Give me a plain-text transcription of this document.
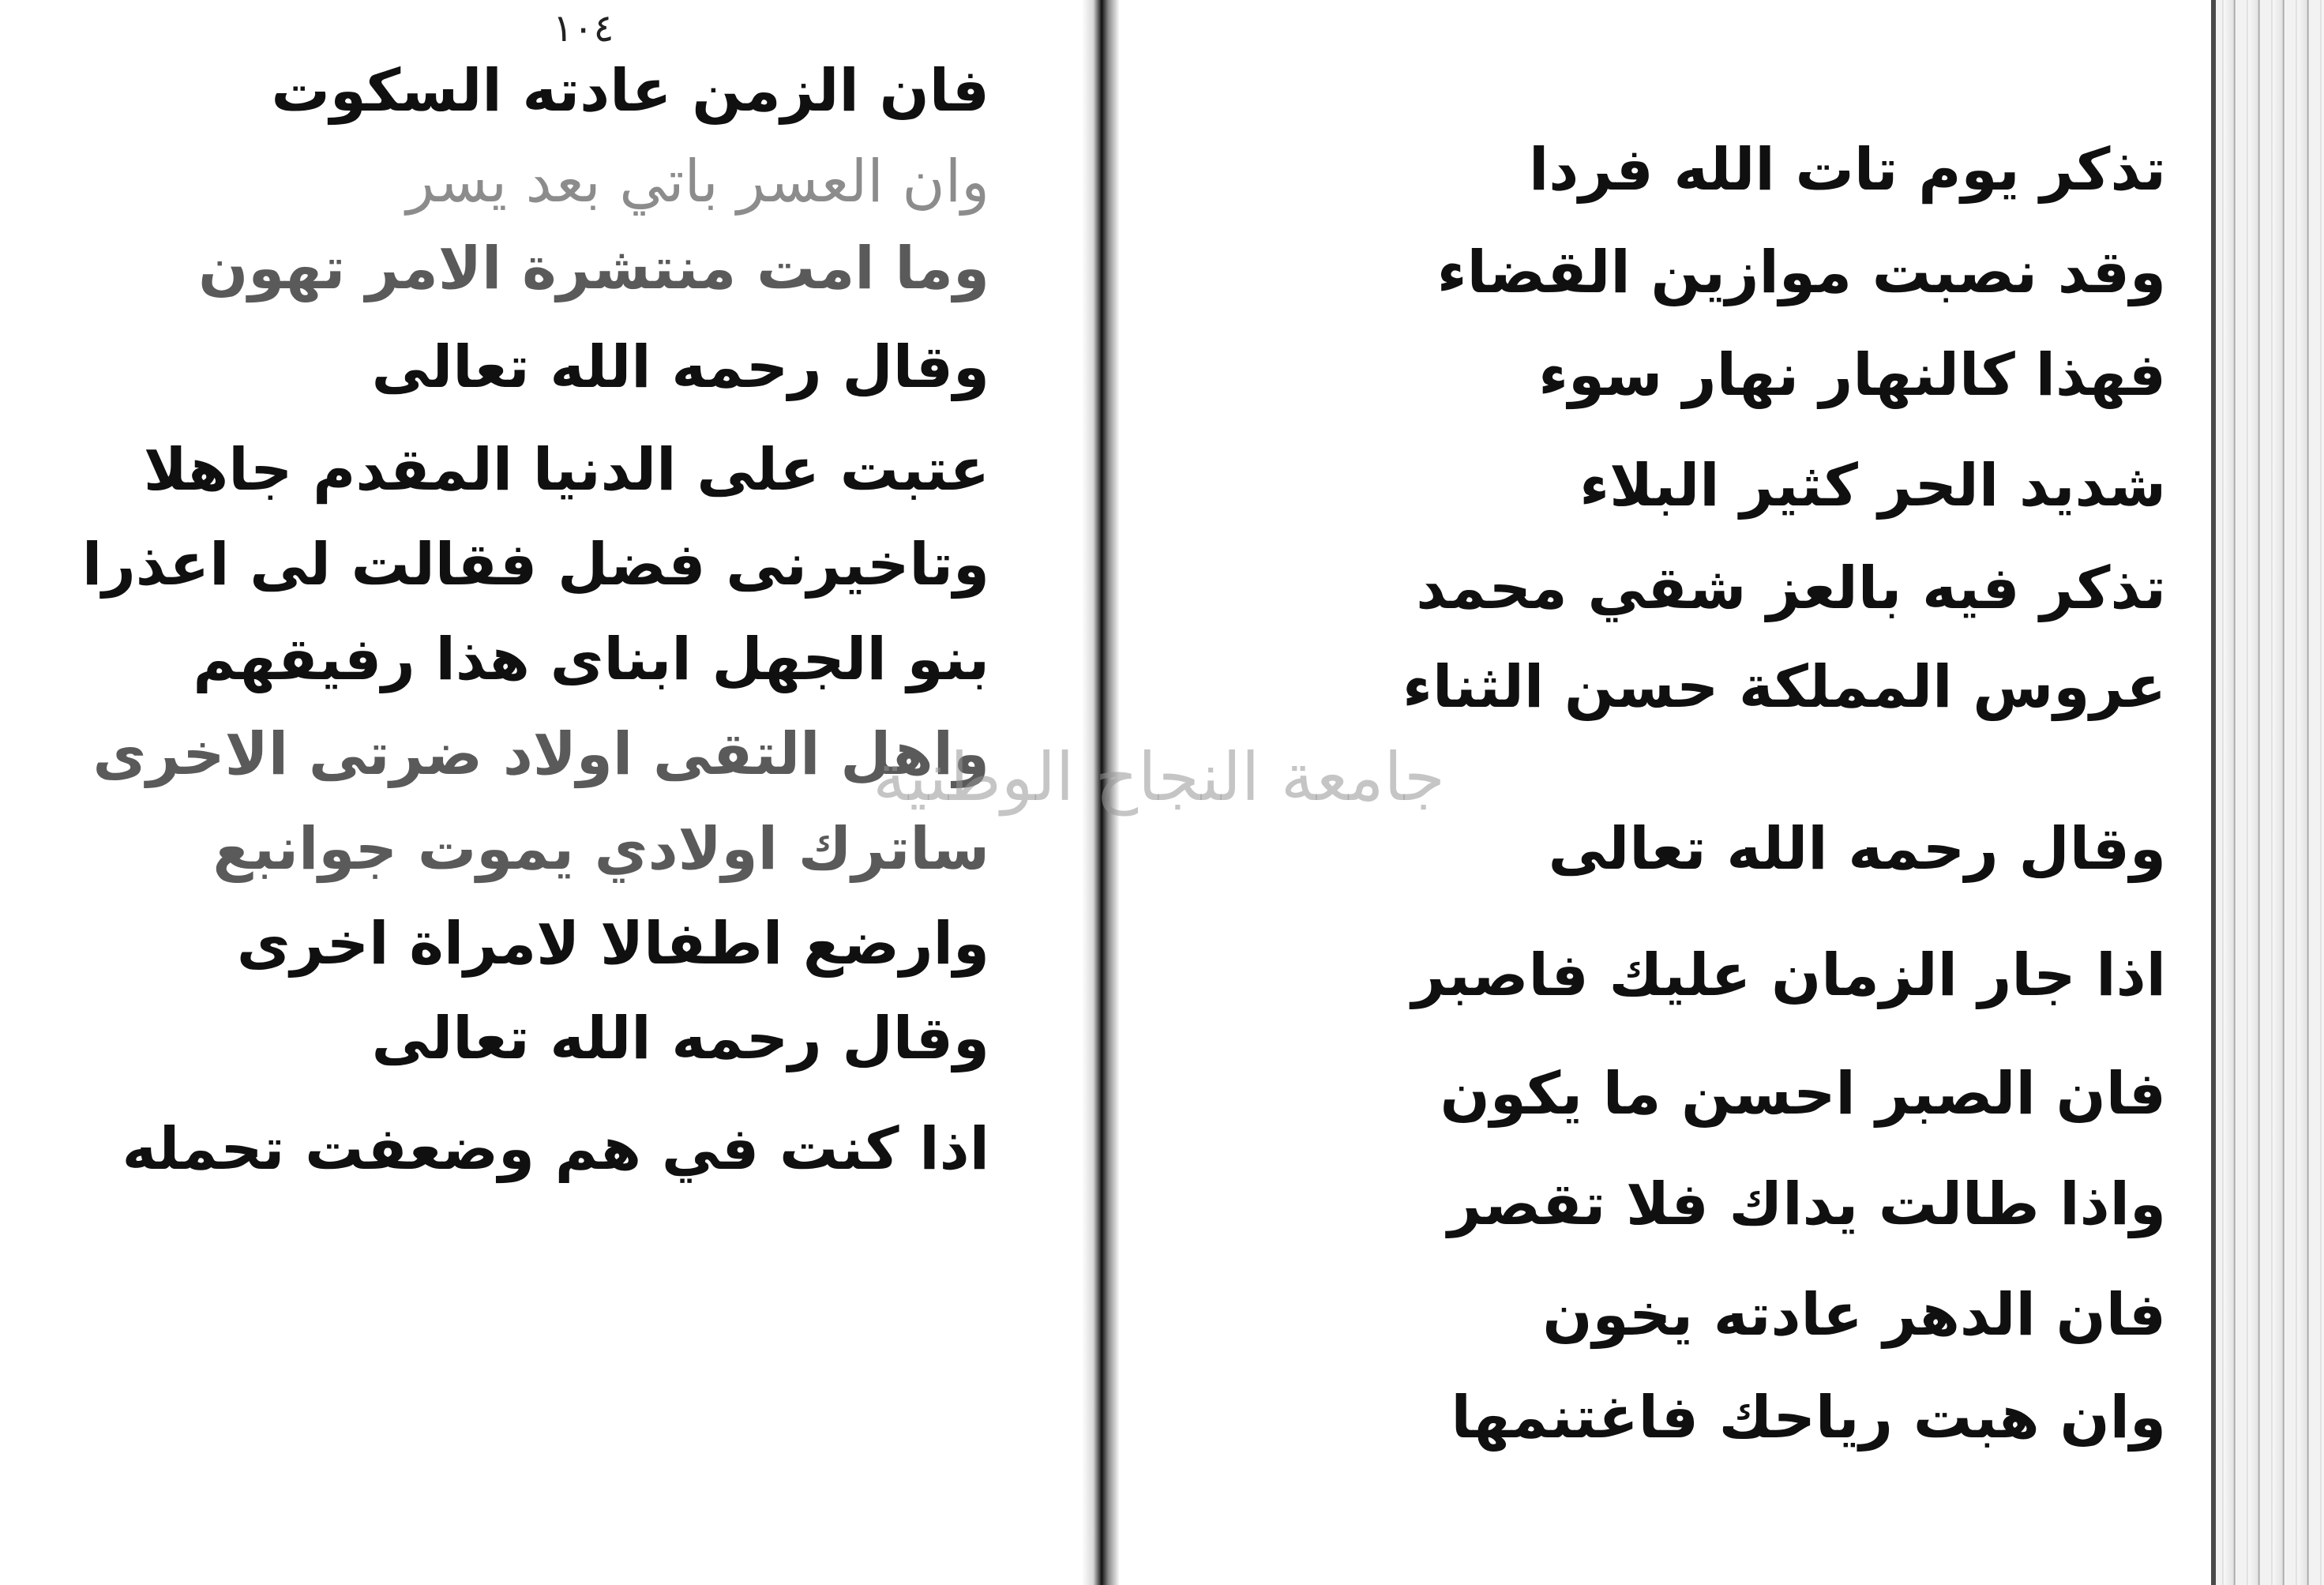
١٠٤
فان الزمن عادته السكوت
وان العسر باتي بعد يسر
وما امت منتشرة الامر تهون
وقال رحمه الله تعالى
عتبت على الدنيا المقدم جاهلا
وتاخيرنى فضل فقالت لى اعذرا
بنو الجهل ابناى هذا رفيقهم
واهل التقى اولاد ضرتى الاخرى
ساترك اولادي يموت جوانبع
وارضع اطفالا لامراة اخرى
وقال رحمه الله تعالى
اذا كنت في هم وضعفت تحمله
تذكر يوم تات الله فردا
وقد نصبت موازين القضاء
فهذا كالنهار نهار سوء
شديد الحر كثير البلاء
تذكر فيه بالعز شقي محمد
عروس المملكة حسن الثناء
وقال رحمه الله تعالى
اذا جار الزمان عليك فاصبر
فان الصبر احسن ما يكون
واذا طالت يداك فلا تقصر
فان الدهر عادته يخون
وان هبت رياحك فاغتنمها
جامعة النجاح الوطنية
